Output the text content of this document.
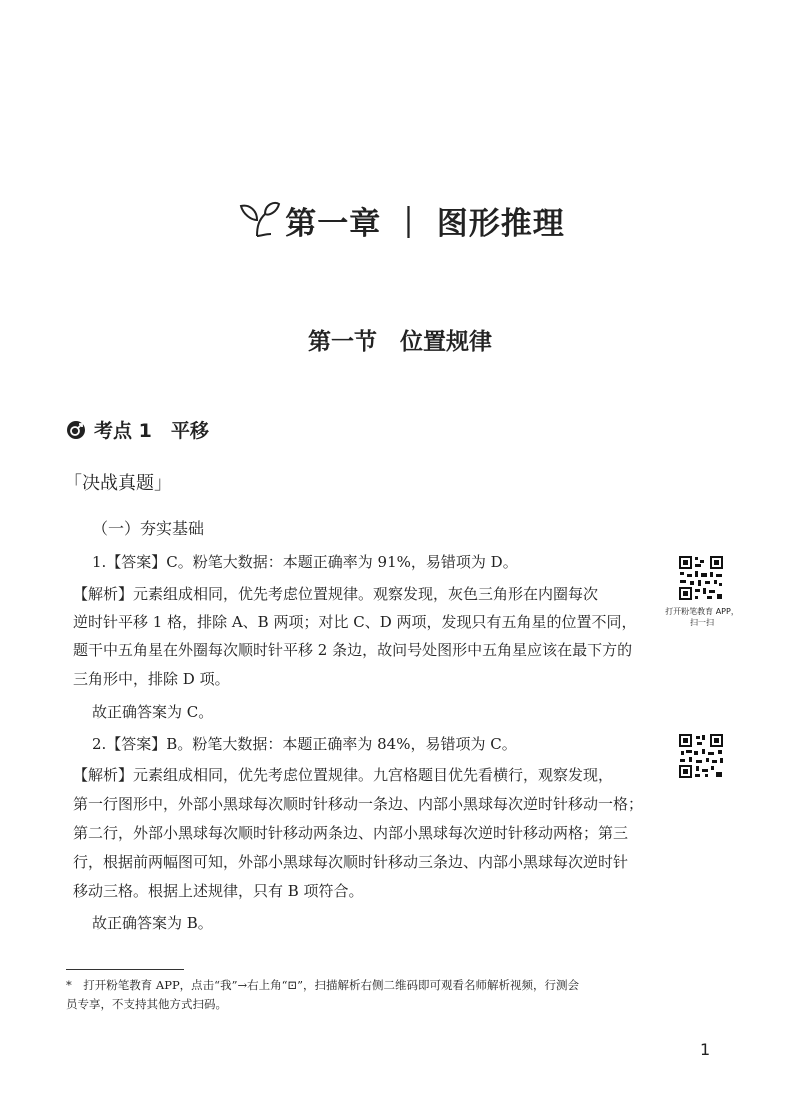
第一章 ｜ 图形推理
第一节　位置规律
考点 1　平移
「决战真题」
（一）夯实基础
1.【答案】C。粉笔大数据：本题正确率为 91%，易错项为 D。
【解析】元素组成相同，优先考虑位置规律。观察发现，灰色三角形在内圈每次
逆时针平移 1 格，排除 A、B 两项；对比 C、D 两项，发现只有五角星的位置不同，
题干中五角星在外圈每次顺时针平移 2 条边，故问号处图形中五角星应该在最下方的
三角形中，排除 D 项。
故正确答案为 C。
2.【答案】B。粉笔大数据：本题正确率为 84%，易错项为 C。
【解析】元素组成相同，优先考虑位置规律。九宫格题目优先看横行，观察发现，
第一行图形中，外部小黑球每次顺时针移动一条边、内部小黑球每次逆时针移动一格；
第二行，外部小黑球每次顺时针移动两条边、内部小黑球每次逆时针移动两格；第三
行，根据前两幅图可知，外部小黑球每次顺时针移动三条边、内部小黑球每次逆时针
移动三格。根据上述规律，只有 B 项符合。
故正确答案为 B。
打开粉笔教育 APP，
扫一扫
*　打开粉笔教育 APP，点击“我”→右上角“⊡”，扫描解析右侧二维码即可观看名师解析视频，行测会
员专享，不支持其他方式扫码。
1
